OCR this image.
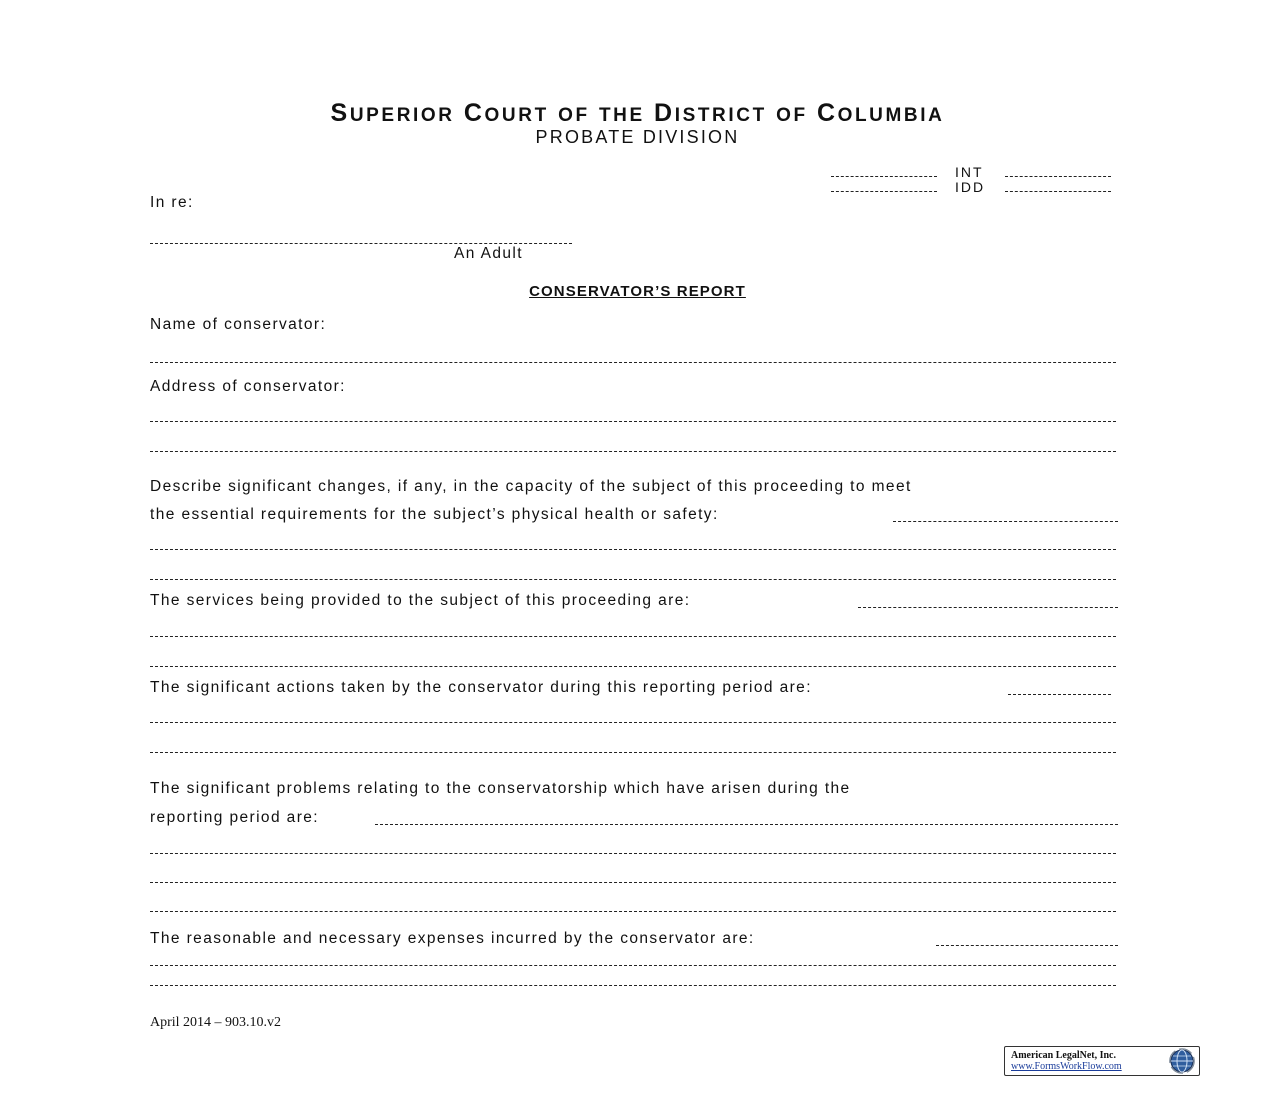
SUPERIOR COURT OF THE DISTRICT OF COLUMBIA
PROBATE DIVISION
INT
IDD
In re:
An Adult
CONSERVATOR’S REPORT
Name of conservator:
Address of conservator:
Describe significant changes, if any, in the capacity of the subject of this proceeding to meet
the essential requirements for the subject’s physical health or safety:
The services being provided to the subject of this proceeding are:
The significant actions taken by the conservator during this reporting period are:
The significant problems relating to the conservatorship which have arisen during the
reporting period are:
The reasonable and necessary expenses incurred by the conservator are:
April 2014 – 903.10.v2
American LegalNet, Inc.
www.FormsWorkFlow.com
